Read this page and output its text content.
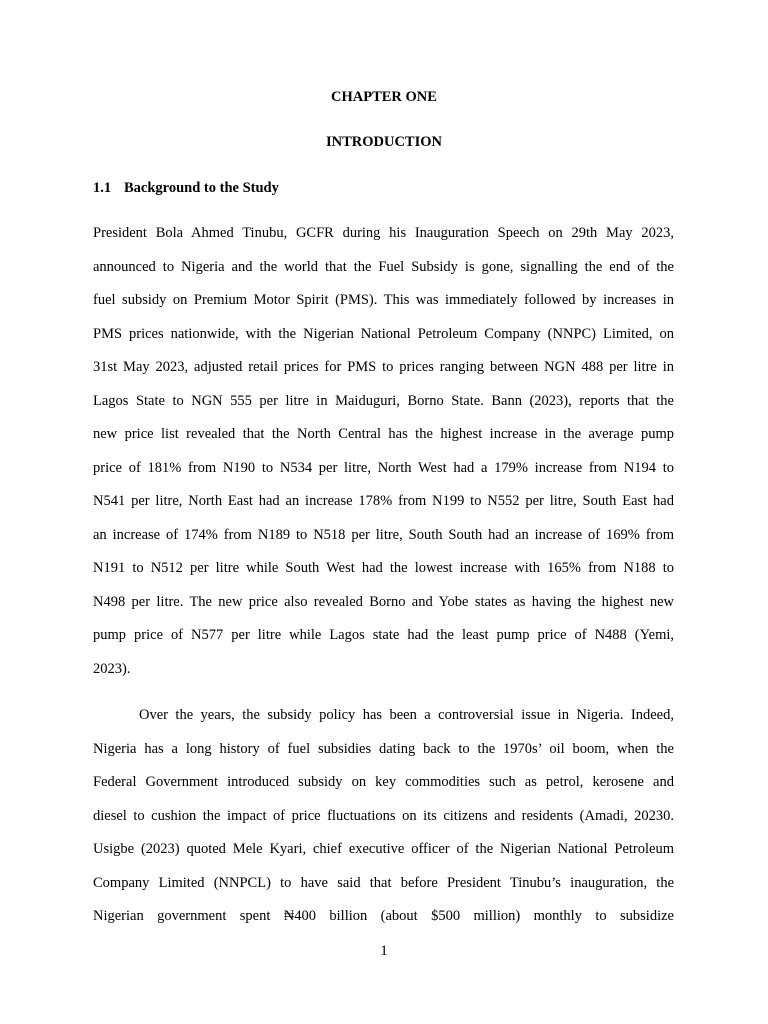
CHAPTER ONE
INTRODUCTION
1.1 Background to the Study
President Bola Ahmed Tinubu, GCFR during his Inauguration Speech on 29th May 2023,
announced to Nigeria and the world that the Fuel Subsidy is gone, signalling the end of the
fuel subsidy on Premium Motor Spirit (PMS). This was immediately followed by increases in
PMS prices nationwide, with the Nigerian National Petroleum Company (NNPC) Limited, on
31st May 2023, adjusted retail prices for PMS to prices ranging between NGN 488 per litre in
Lagos State to NGN 555 per litre in Maiduguri, Borno State. Bann (2023), reports that the
new price list revealed that the North Central has the highest increase in the average pump
price of 181% from N190 to N534 per litre, North West had a 179% increase from N194 to
N541 per litre, North East had an increase 178% from N199 to N552 per litre, South East had
an increase of 174% from N189 to N518 per litre, South South had an increase of 169% from
N191 to N512 per litre while South West had the lowest increase with 165% from N188 to
N498 per litre. The new price also revealed Borno and Yobe states as having the highest new
pump price of N577 per litre while Lagos state had the least pump price of N488 (Yemi,
2023).
Over the years, the subsidy policy has been a controversial issue in Nigeria. Indeed,
Nigeria has a long history of fuel subsidies dating back to the 1970s’ oil boom, when the
Federal Government introduced subsidy on key commodities such as petrol, kerosene and
diesel to cushion the impact of price fluctuations on its citizens and residents (Amadi, 20230.
Usigbe (2023) quoted Mele Kyari, chief executive officer of the Nigerian National Petroleum
Company Limited (NNPCL) to have said that before President Tinubu’s inauguration, the
Nigerian government spent ₦400 billion (about $500 million) monthly to subsidize
1
